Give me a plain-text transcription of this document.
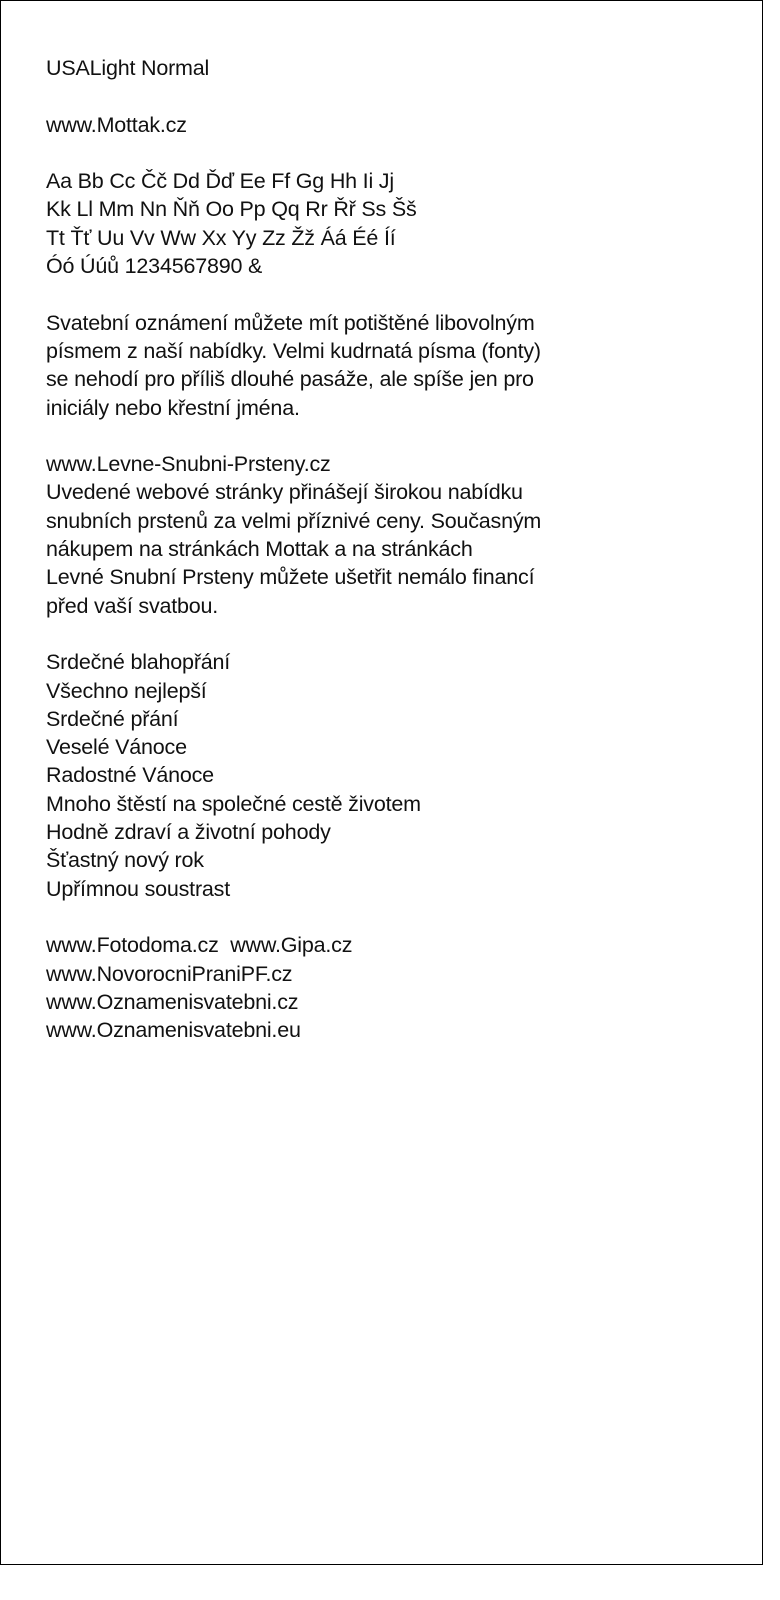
USALight Normal
www.Mottak.cz
Aa Bb Cc Čč Dd Ďď Ee Ff Gg Hh Ii Jj
Kk Ll Mm Nn Ňň Oo Pp Qq Rr Řř Ss Šš
Tt Ťť Uu Vv Ww Xx Yy Zz Žž Áá Éé Íí
Óó Úúů 1234567890 &
Svatební oznámení můžete mít potištěné libovolným
písmem z naší nabídky. Velmi kudrnatá písma (fonty)
se nehodí pro příliš dlouhé pasáže, ale spíše jen pro
iniciály nebo křestní jména.
www.Levne-Snubni-Prsteny.cz
Uvedené webové stránky přinášejí širokou nabídku
snubních prstenů za velmi příznivé ceny. Současným
nákupem na stránkách Mottak a na stránkách
Levné Snubní Prsteny můžete ušetřit nemálo financí
před vaší svatbou.
Srdečné blahopřání
Všechno nejlepší
Srdečné přání
Veselé Vánoce
Radostné Vánoce
Mnoho štěstí na společné cestě životem
Hodně zdraví a životní pohody
Šťastný nový rok
Upřímnou soustrast
www.Fotodoma.cz  www.Gipa.cz
www.NovorocniPraniPF.cz
www.Oznamenisvatebni.cz
www.Oznamenisvatebni.eu
